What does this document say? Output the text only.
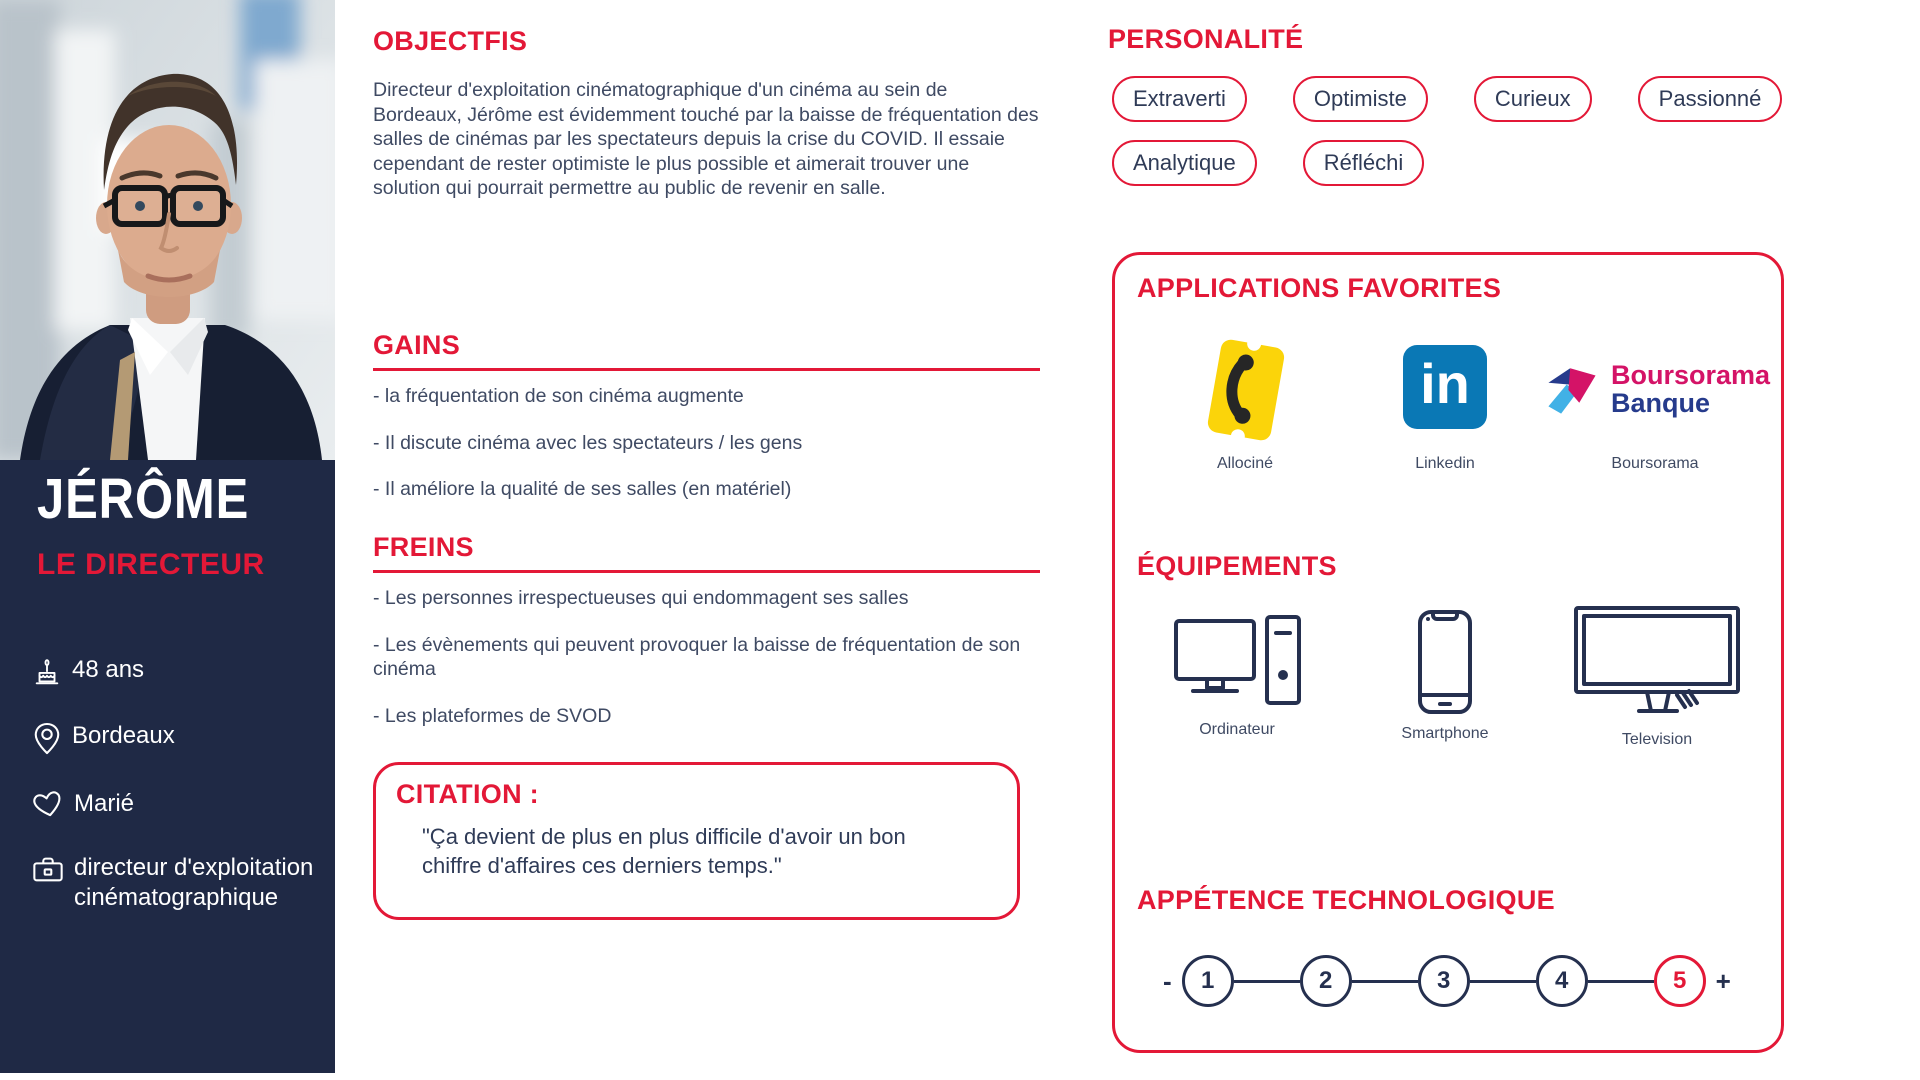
JÉRÔME
LE DIRECTEUR
48 ans
Bordeaux
Marié
directeur d'exploitation cinématographique
OBJECTFIS
Directeur d'exploitation cinématographique d'un cinéma au sein de Bordeaux, Jérôme est évidemment touché par la baisse de fréquentation des salles de cinémas par les spectateurs depuis la crise du COVID. Il essaie cependant de rester optimiste le plus possible et aimerait trouver une solution qui pourrait permettre au public de revenir en salle.
GAINS
- la fréquentation de son cinéma augmente
- Il discute cinéma avec les spectateurs / les gens
- Il améliore la qualité de ses salles (en matériel)
FREINS
- Les personnes irrespectueuses qui endommagent ses salles
- Les évènements qui peuvent provoquer la baisse de fréquentation de son cinéma
- Les plateformes de SVOD
CITATION :
"Ça devient de plus en plus difficile d'avoir un bon chiffre d'affaires ces derniers temps."
PERSONALITÉ
Extraverti	Optimiste	Curieux	Passionné
Analytique	Réfléchi
APPLICATIONS FAVORITES
Allociné
in
Linkedin
Boursorama
Banque
Boursorama
ÉQUIPEMENTS
Ordinateur	Smartphone	Television
APPÉTENCE TECHNOLOGIQUE
- 1	2	3	4	5 +
